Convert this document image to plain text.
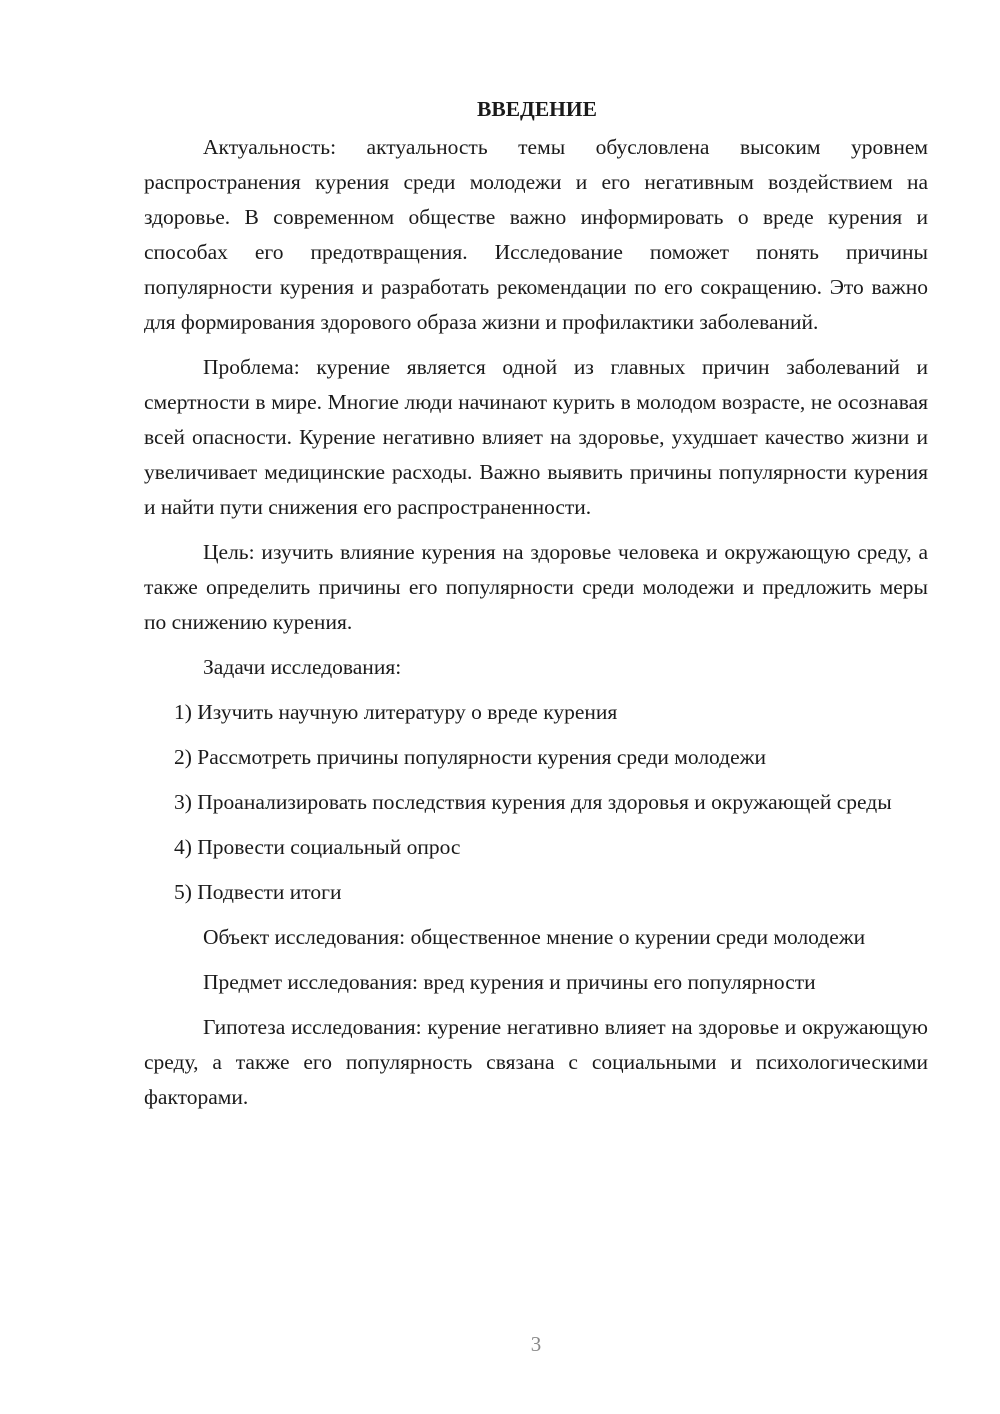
ВВЕДЕНИЕ

Актуальность: актуальность темы обусловлена высоким уровнем распространения курения среди молодежи и его негативным воздействием на здоровье. В современном обществе важно информировать о вреде курения и способах его предотвращения. Исследование поможет понять причины популярности курения и разработать рекомендации по его сокращению. Это важно для формирования здорового образа жизни и профилактики заболеваний.

Проблема: курение является одной из главных причин заболеваний и смертности в мире. Многие люди начинают курить в молодом возрасте, не осознавая всей опасности. Курение негативно влияет на здоровье, ухудшает качество жизни и увеличивает медицинские расходы. Важно выявить причины популярности курения и найти пути снижения его распространенности.

Цель: изучить влияние курения на здоровье человека и окружающую среду, а также определить причины его популярности среди молодежи и предложить меры по снижению курения.

Задачи исследования:

1) Изучить научную литературу о вреде курения

2) Рассмотреть причины популярности курения среди молодежи

3) Проанализировать последствия курения для здоровья и окружающей среды

4) Провести социальный опрос

5) Подвести итоги

Объект исследования: общественное мнение о курении среди молодежи

Предмет исследования: вред курения и причины его популярности

Гипотеза исследования: курение негативно влияет на здоровье и окружающую среду, а также его популярность связана с социальными и психологическими факторами.

3
